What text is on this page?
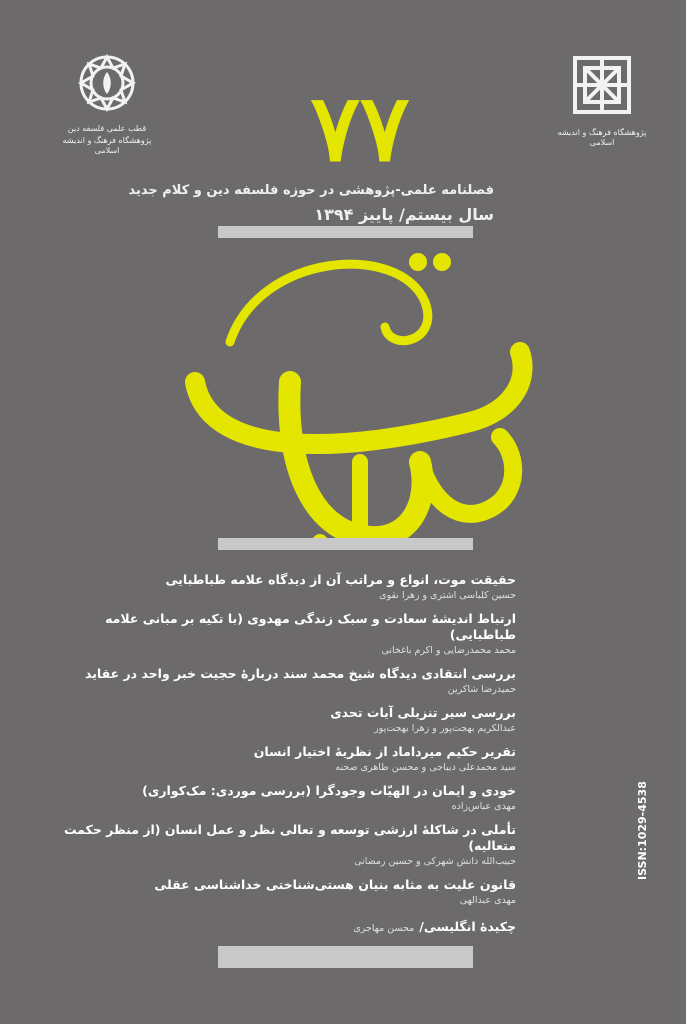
قطب علمی فلسفه دین
پژوهشگاه فرهنگ و اندیشه اسلامی
پژوهشگاه فرهنگ و اندیشه اسلامی
۷۷
فصلنامه علمی-پژوهشی در حوزه فلسفه دین و کلام جدید
سال بیستم/ پاییز ۱۳۹۴
حقیقت موت، انواع و مراتب آن از دیدگاه علامه طباطبایی
حسین کلباسی اشتری و زهرا نقوی
ارتباط اندیشهٔ سعادت و سبک زندگی مهدوی (با تکیه بر مبانی علامه طباطبایی)
محمد محمدرضایی و اکرم باغخانی
بررسی انتقادی دیدگاه شیخ محمد سند دربارهٔ حجیت خبر واحد در عقاید
حمیدرضا شاکرین
بررسی سیر تنزیلی آیات تحدی
عبدالکریم بهجت‌پور و زهرا بهجت‌پور
تقریر حکیم میرداماد از نظریهٔ اختیار انسان
سید محمدعلی دیباجی و محسن طاهری صحنه
خودی و ایمان در الهیّات وجودگرا (بررسی موردی: مک‌کواری)
مهدی عباس‌زاده
تأملی در شاکلهٔ ارزشی توسعه و تعالی نظر و عمل انسان (از منظر حکمت متعالیه)
حبیب‌الله دانش شهرکی و حسین رمضانی
قانون علیت به مثابه بنیان هستی‌شناختی خداشناسی عقلی
مهدی عبدالهی
چکیدهٔ انگلیسی/ محسن مهاجری
ISSN:1029-4538
